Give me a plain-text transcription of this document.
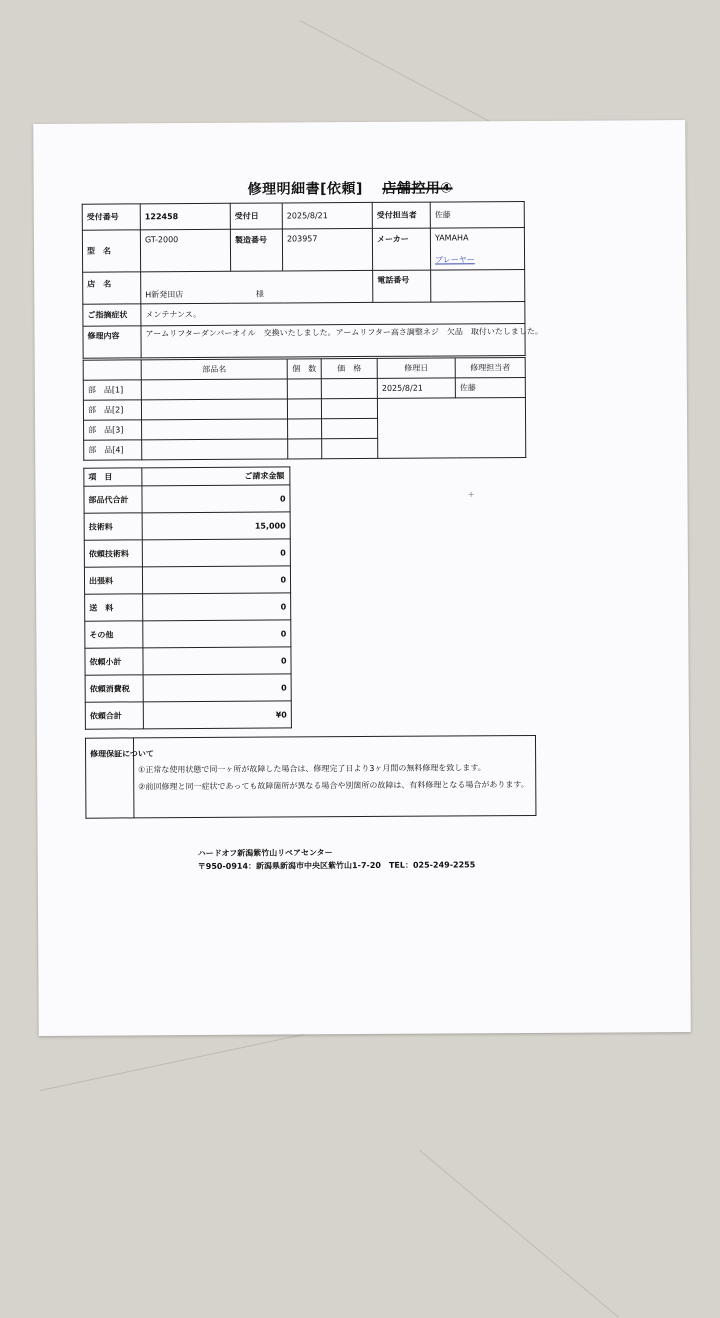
修理明細書[依頼] 店舗控用④
受付番号	122458	受付日	2025/8/21	受付担当者	佐藤
型　名	GT-2000	製造番号	203957	メーカー	YAMAHA
プレーヤー

店　名	H新発田店 様			電話番号	
ご指摘症状	メンテナンス。				
修理内容	アームリフターダンパーオイル　交換いたしました。アームリフター高さ調整ネジ　欠品　取付いたしました。				
	部品名	個　数	価　格	修理日	修理担当者
部　品[1]				2025/8/21	佐藤
部　品[2]					
部　品[3]					
部　品[4]					
項　目	ご請求金額
部品代合計	0
技術料	15,000
依頼技術料	0
出張料	0
送　料	0
その他	0
依頼小計	0
依頼消費税	0
依頼合計	¥0
修理保証について	
①正常な使用状態で同一ヶ所が故障した場合は、修理完了日より3ヶ月間の無料修理を致します。
②前回修理と同一症状であっても故障箇所が異なる場合や別箇所の故障は、有料修理となる場合があります。
ハードオフ新潟紫竹山リペアセンター
〒950-0914：新潟県新潟市中央区紫竹山1-7-20　TEL：025-249-2255
⁺
